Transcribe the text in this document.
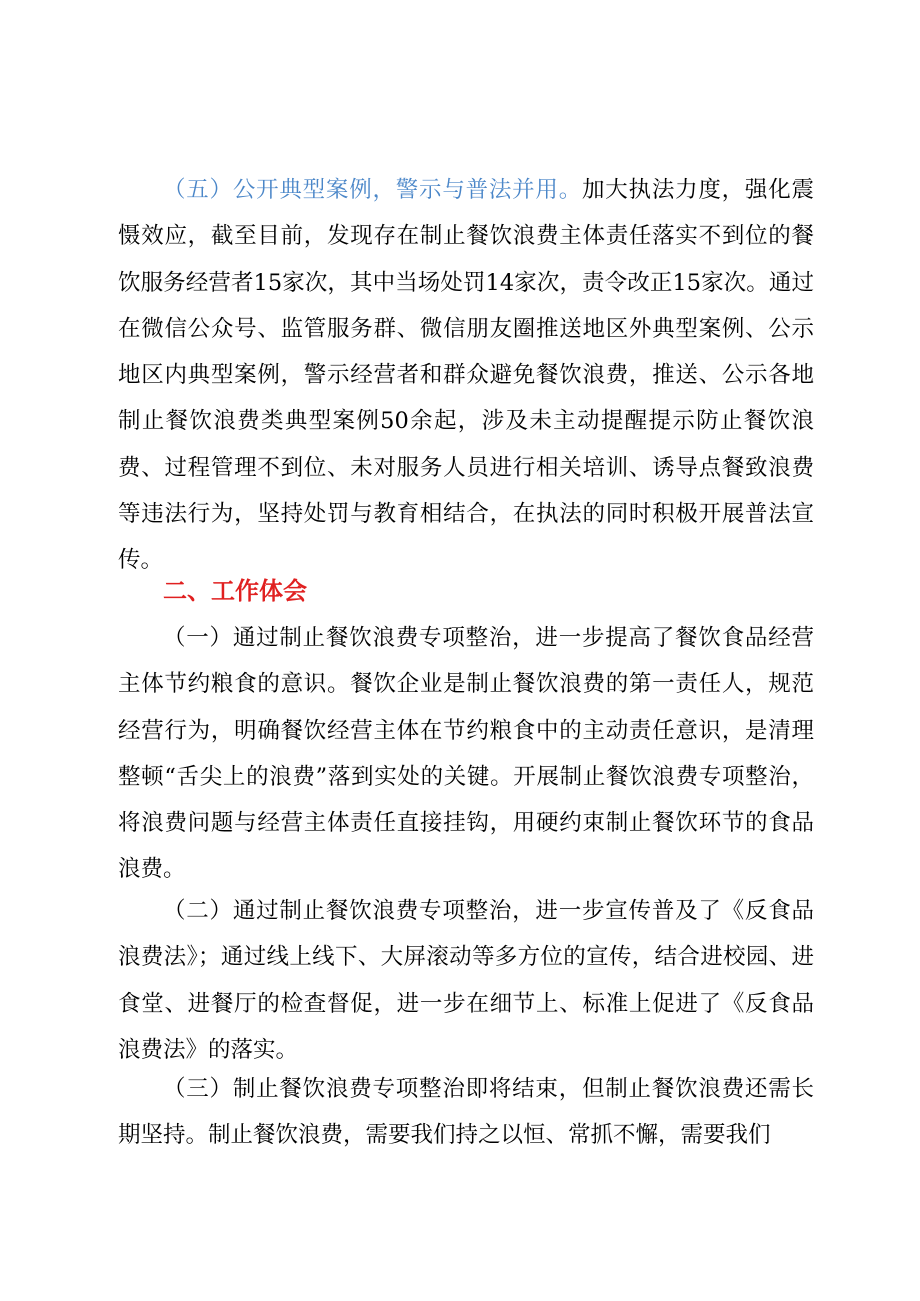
（五）公开典型案例，警示与普法并用。加大执法力度，强化震慑效应，截至目前，发现存在制止餐饮浪费主体责任落实不到位的餐饮服务经营者15家次，其中当场处罚14家次，责令改正15家次。通过在微信公众号、监管服务群、微信朋友圈推送地区外典型案例、公示地区内典型案例，警示经营者和群众避免餐饮浪费，推送、公示各地制止餐饮浪费类典型案例50余起，涉及未主动提醒提示防止餐饮浪费、过程管理不到位、未对服务人员进行相关培训、诱导点餐致浪费等违法行为，坚持处罚与教育相结合，在执法的同时积极开展普法宣传。

二、工作体会

（一）通过制止餐饮浪费专项整治，进一步提高了餐饮食品经营主体节约粮食的意识。餐饮企业是制止餐饮浪费的第一责任人，规范经营行为，明确餐饮经营主体在节约粮食中的主动责任意识，是清理整顿“舌尖上的浪费”落到实处的关键。开展制止餐饮浪费专项整治，将浪费问题与经营主体责任直接挂钩，用硬约束制止餐饮环节的食品浪费。

（二）通过制止餐饮浪费专项整治，进一步宣传普及了《反食品浪费法》；通过线上线下、大屏滚动等多方位的宣传，结合进校园、进食堂、进餐厅的检查督促，进一步在细节上、标准上促进了《反食品浪费法》的落实。

（三）制止餐饮浪费专项整治即将结束，但制止餐饮浪费还需长期坚持。制止餐饮浪费，需要我们持之以恒、常抓不懈，需要我们
